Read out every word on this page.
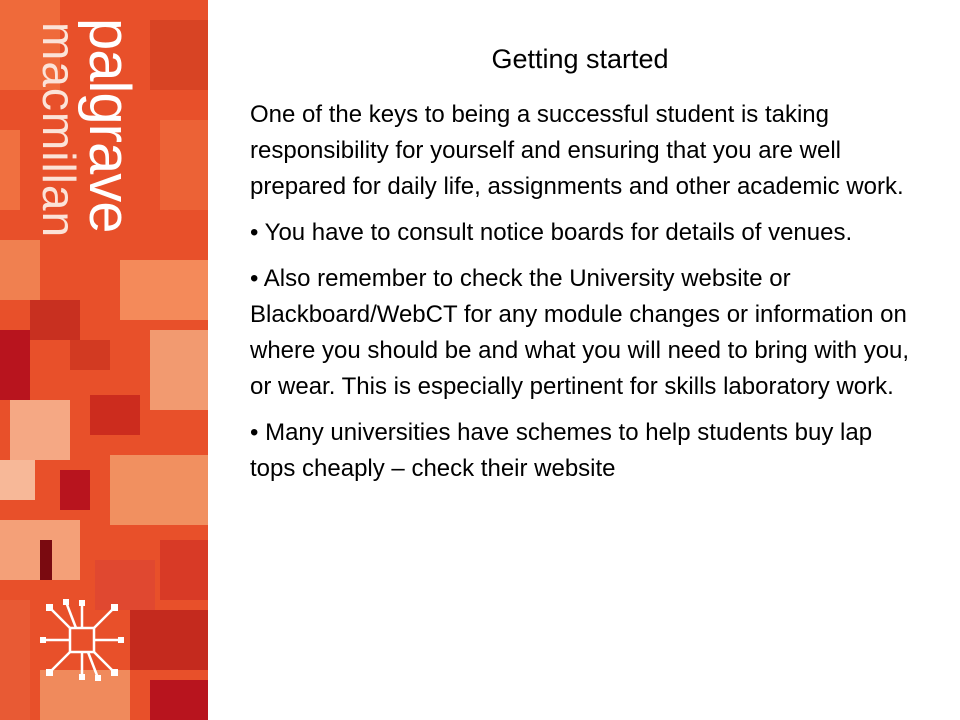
palgrave
macmillan	Getting started

One of the keys to being a successful student is taking responsibility for yourself and ensuring that you are well prepared for daily life, assignments and other academic work.

• You have to consult notice boards for details of venues.

• Also remember to check the University website or Blackboard/WebCT for any module changes or information on where you should be and what you will need to bring with you, or wear. This is especially pertinent for skills laboratory work.

• Many universities have schemes to help students buy lap tops cheaply – check their website
